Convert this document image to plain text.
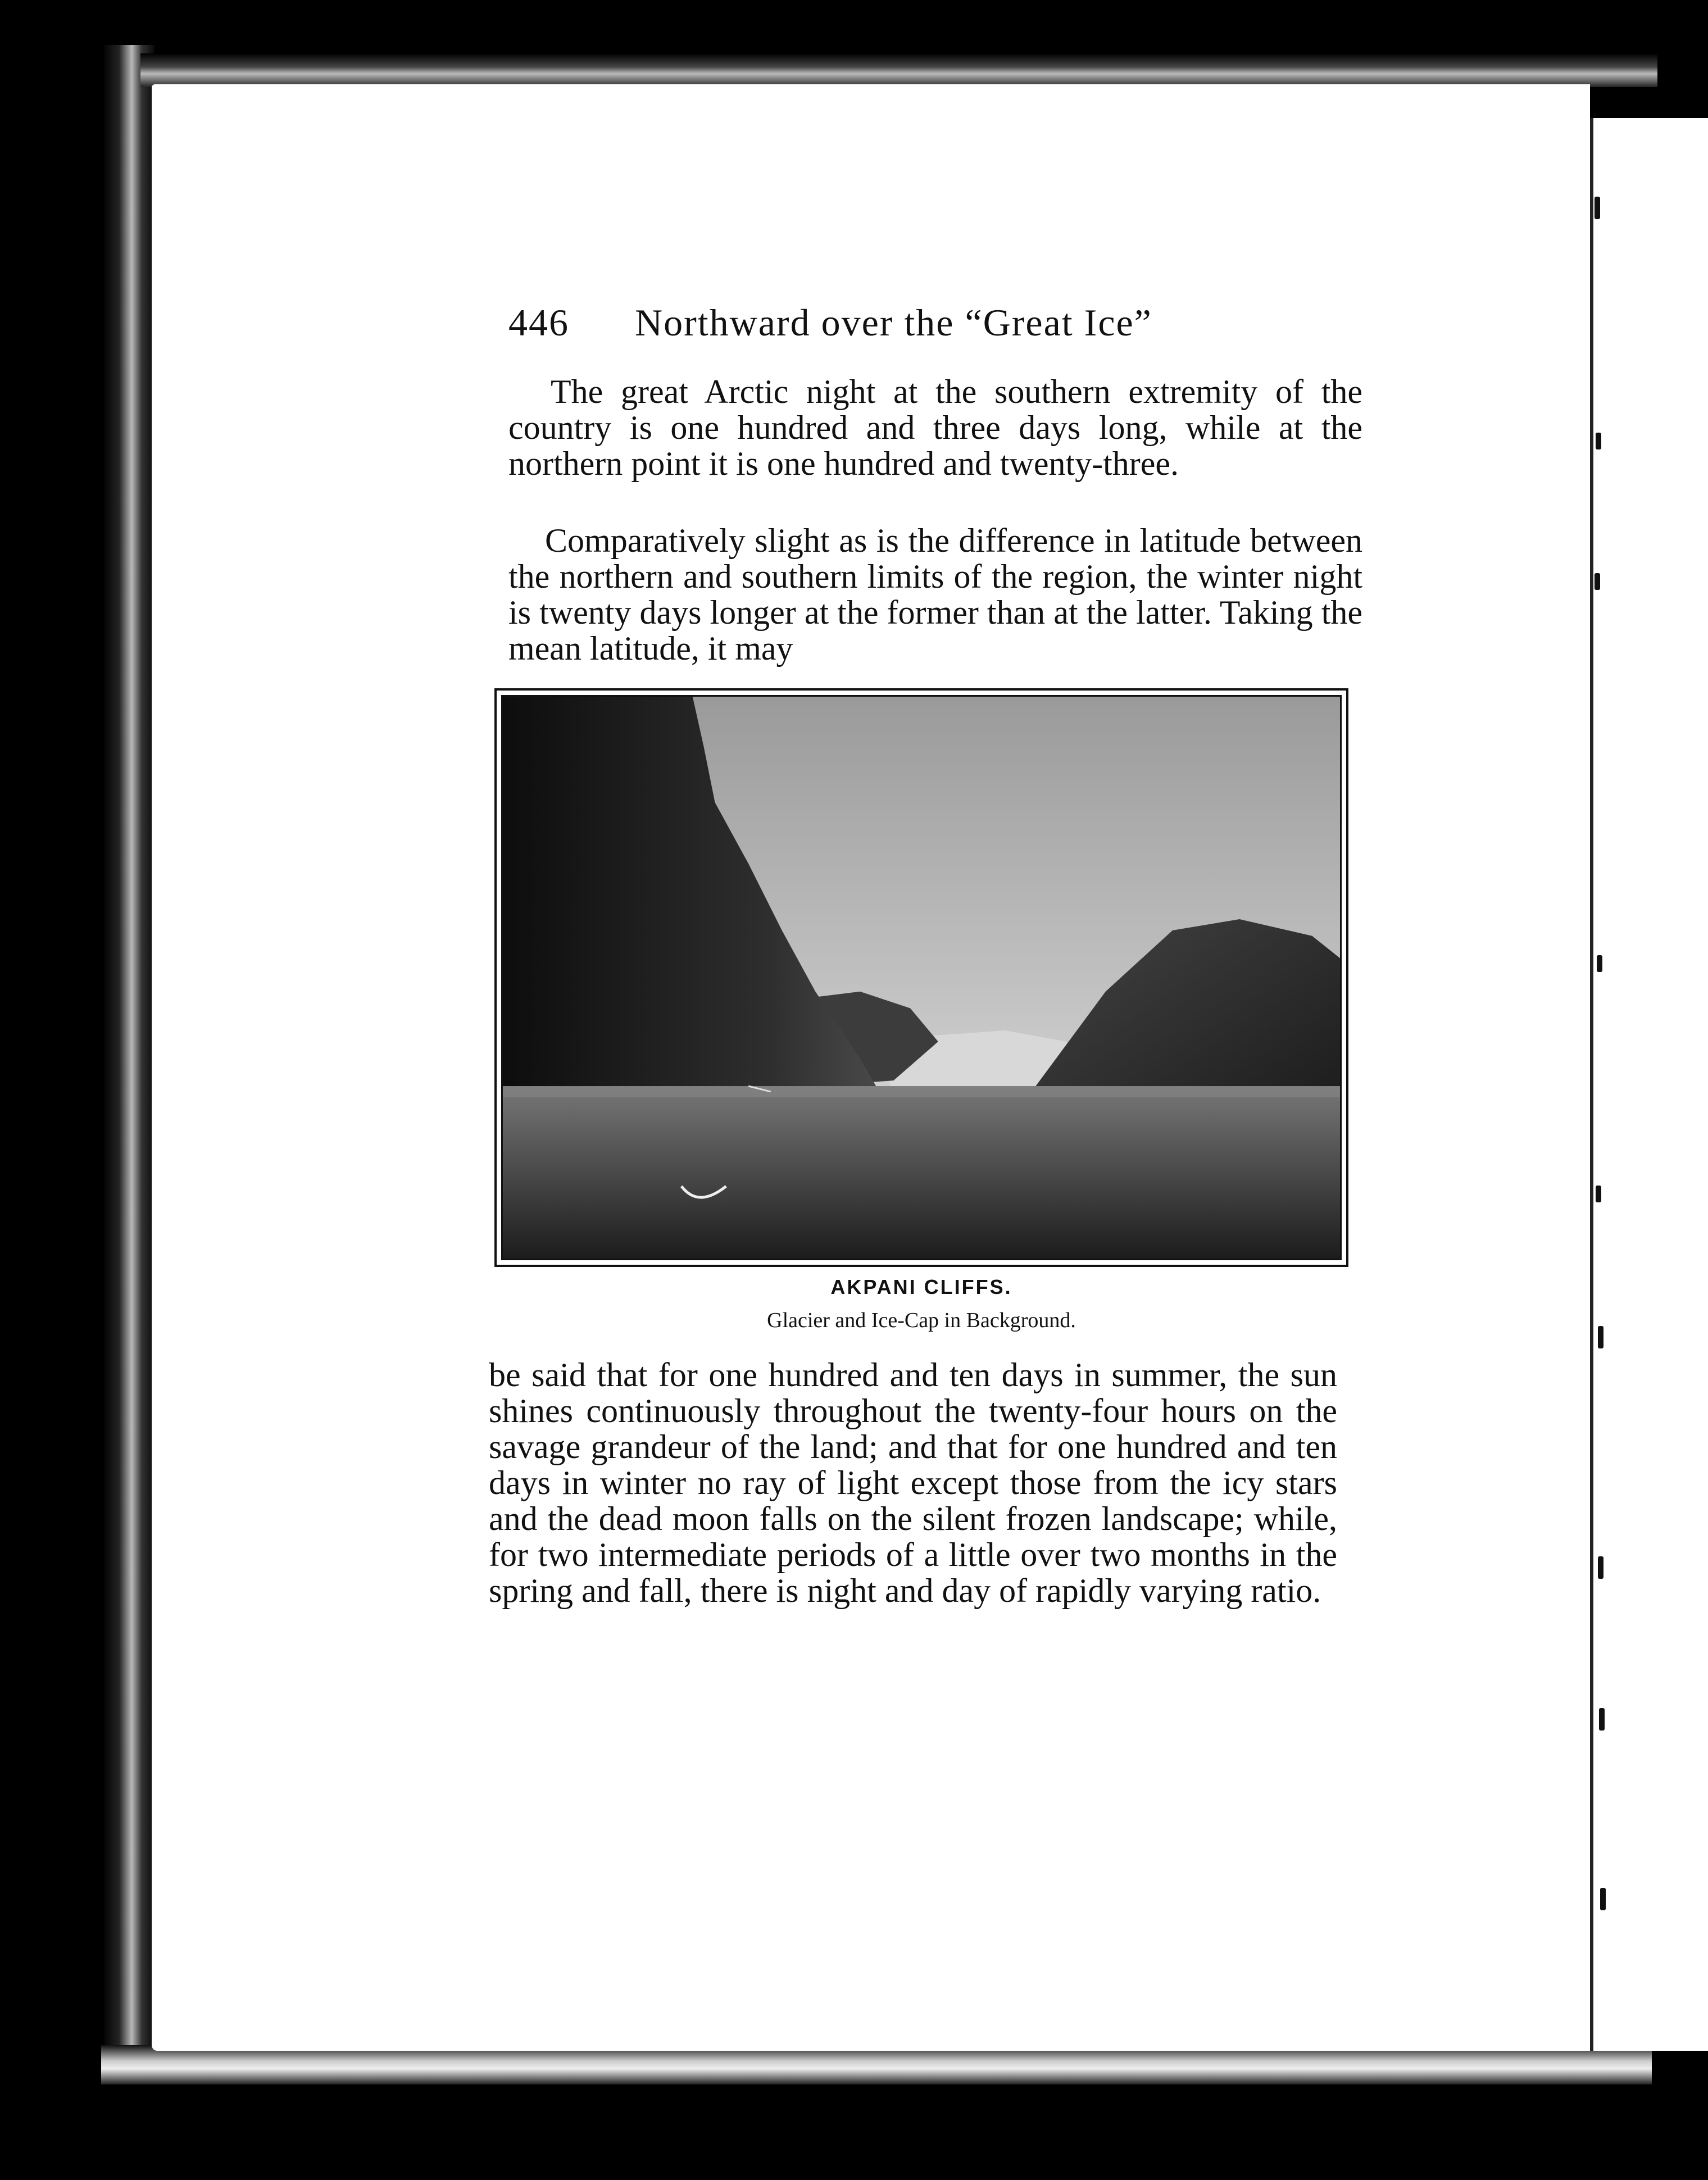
446 Northward over the “Great Ice”
The great Arctic night at the southern extremity of the country is one hundred and three days long, while at the northern point it is one hundred and twenty-three.
Comparatively slight as is the difference in latitude between the northern and southern limits of the region, the winter night is twenty days longer at the former than at the latter. Taking the mean latitude, it may
AKPANI CLIFFS.
Glacier and Ice-Cap in Background.
be said that for one hundred and ten days in summer, the sun shines continuously throughout the twenty-four hours on the savage grandeur of the land; and that for one hundred and ten days in winter no ray of light except those from the icy stars and the dead moon falls on the silent frozen landscape; while, for two intermediate periods of a little over two months in the spring and fall, there is night and day of rapidly varying ratio.
